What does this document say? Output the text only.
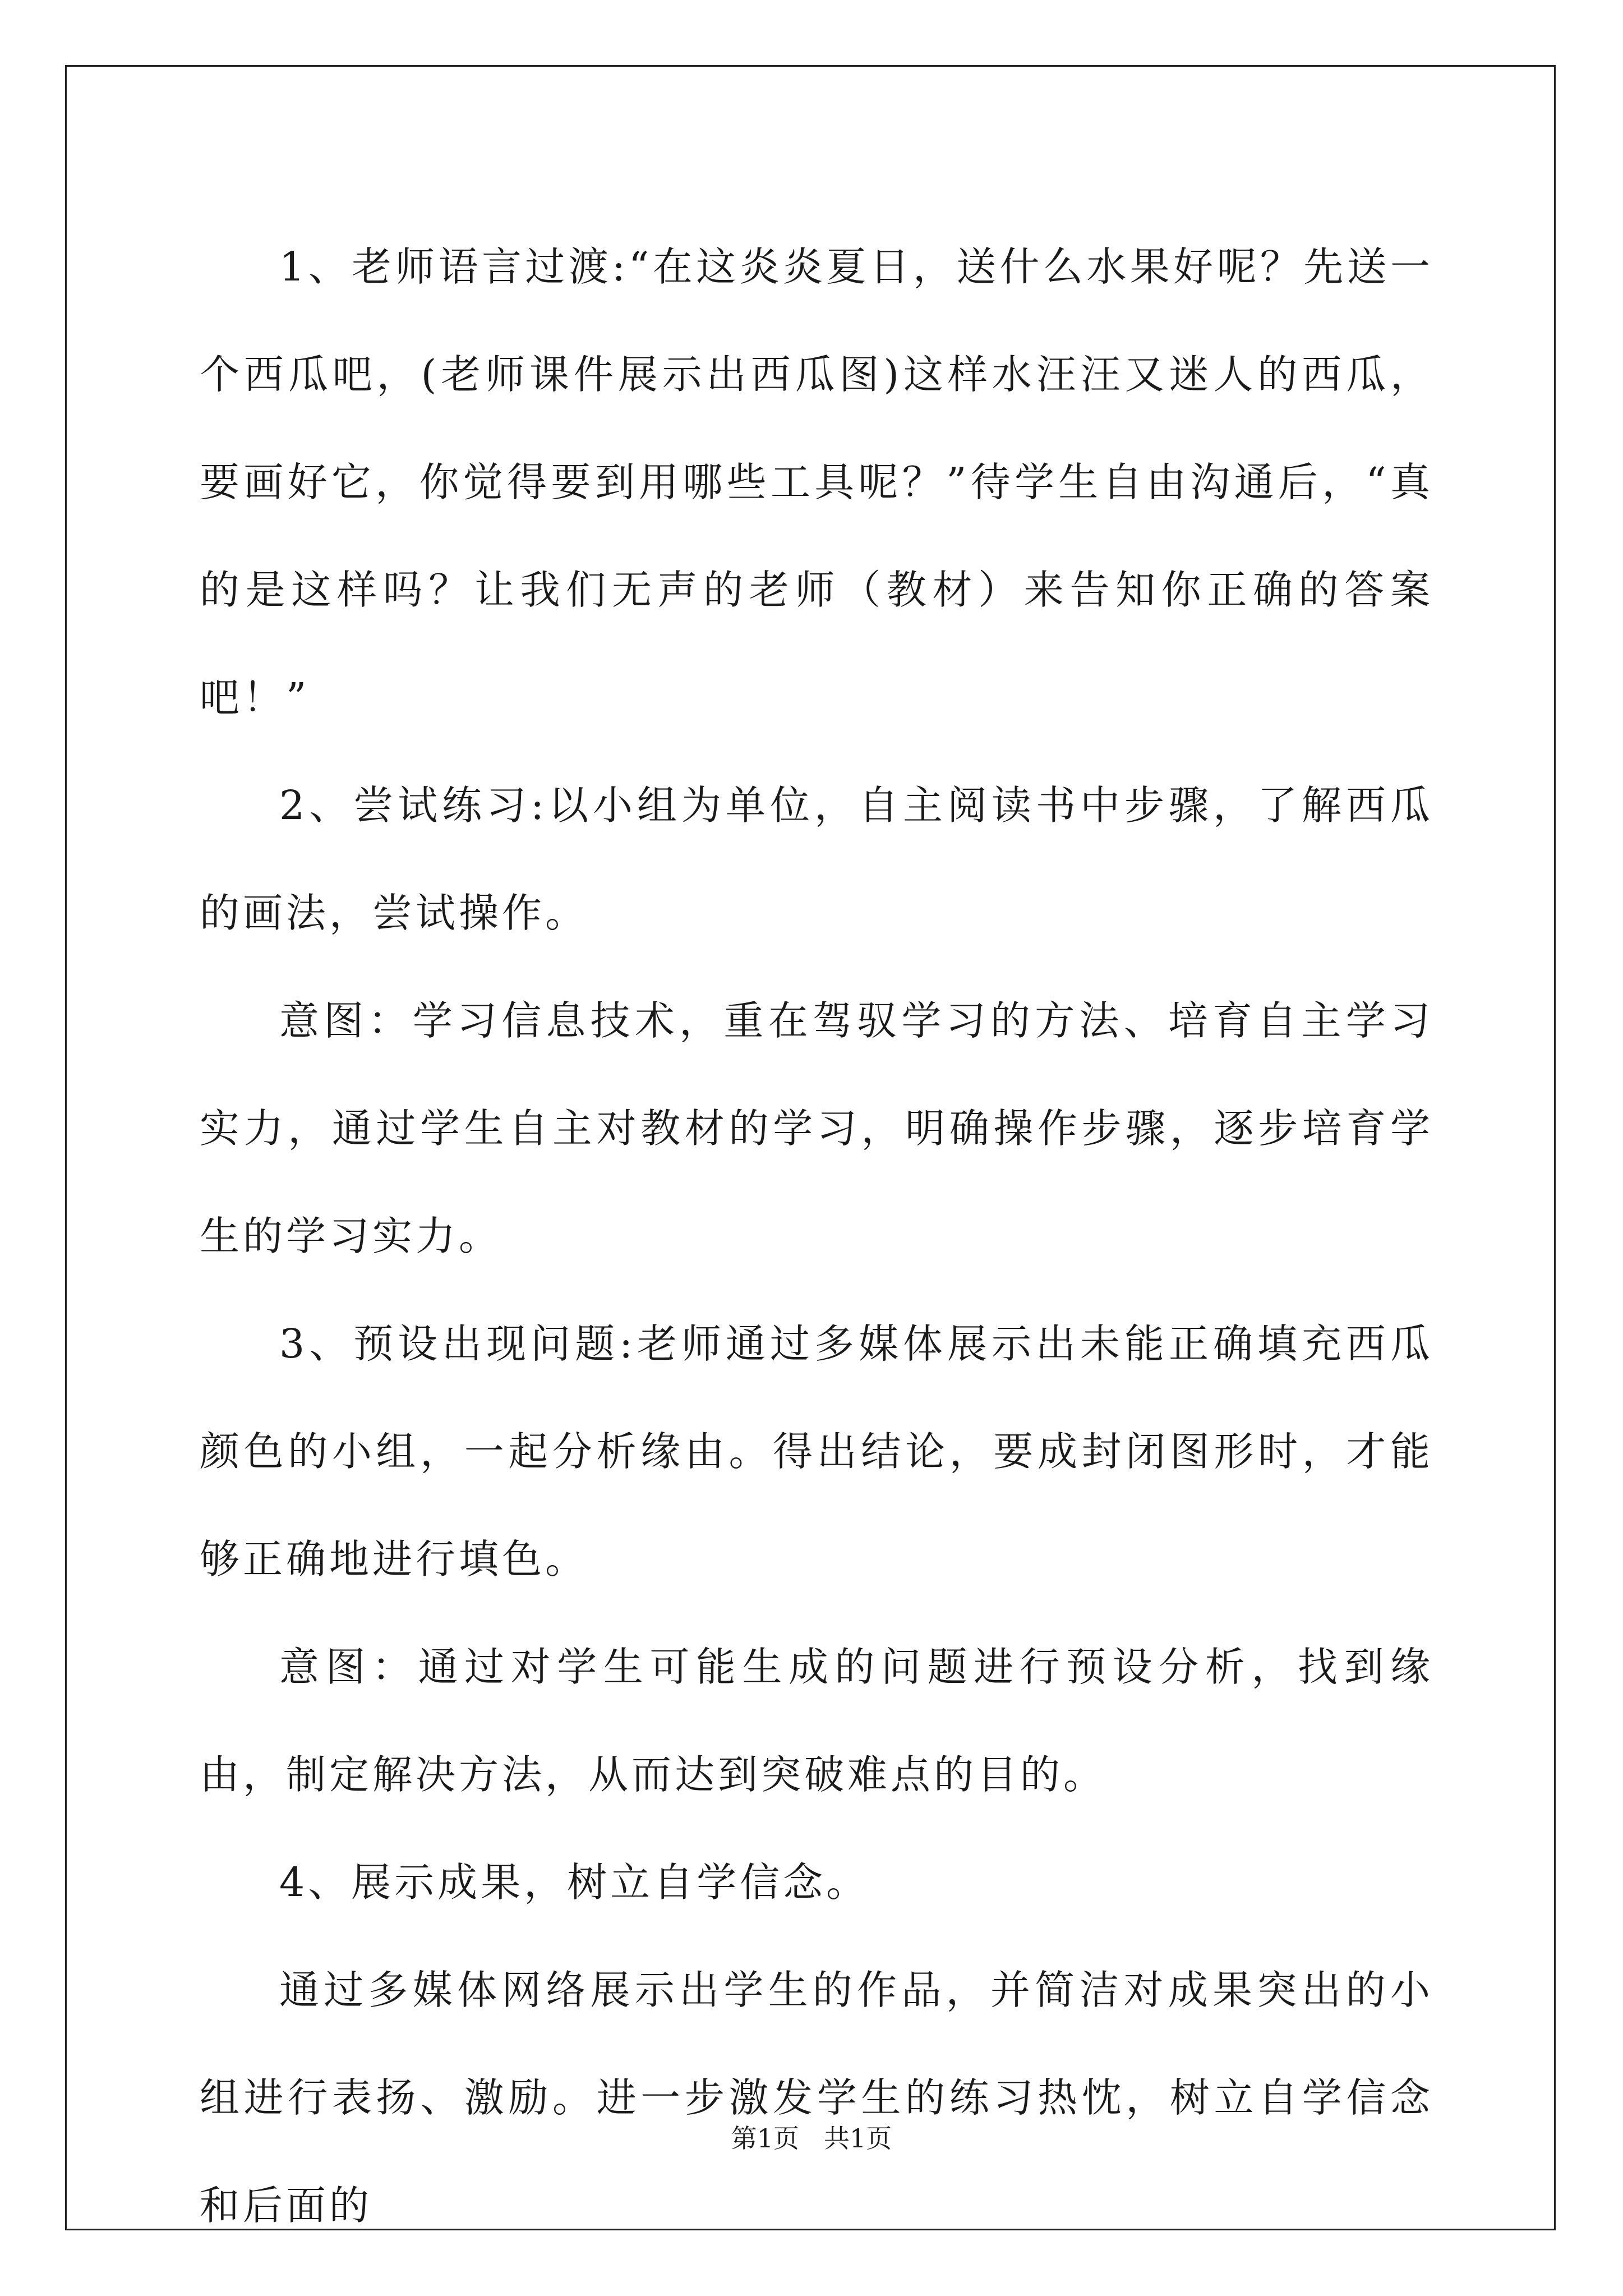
1、老师语言过渡:“在这炎炎夏日，送什么水果好呢？先送一个西瓜吧，(老师课件展示出西瓜图)这样水汪汪又迷人的西瓜，要画好它，你觉得要到用哪些工具呢？”待学生自由沟通后，“真的是这样吗？让我们无声的老师（教材）来告知你正确的答案吧！”

2、尝试练习:以小组为单位，自主阅读书中步骤，了解西瓜的画法，尝试操作。

意图：学习信息技术，重在驾驭学习的方法、培育自主学习实力，通过学生自主对教材的学习，明确操作步骤，逐步培育学生的学习实力。

3、预设出现问题:老师通过多媒体展示出未能正确填充西瓜颜色的小组，一起分析缘由。得出结论，要成封闭图形时，才能够正确地进行填色。

意图：通过对学生可能生成的问题进行预设分析，找到缘由，制定解决方法，从而达到突破难点的目的。

4、展示成果，树立自学信念。

通过多媒体网络展示出学生的作品，并简洁对成果突出的小组进行表扬、激励。进一步激发学生的练习热忱，树立自学信念和后面的

第1页 共1页
